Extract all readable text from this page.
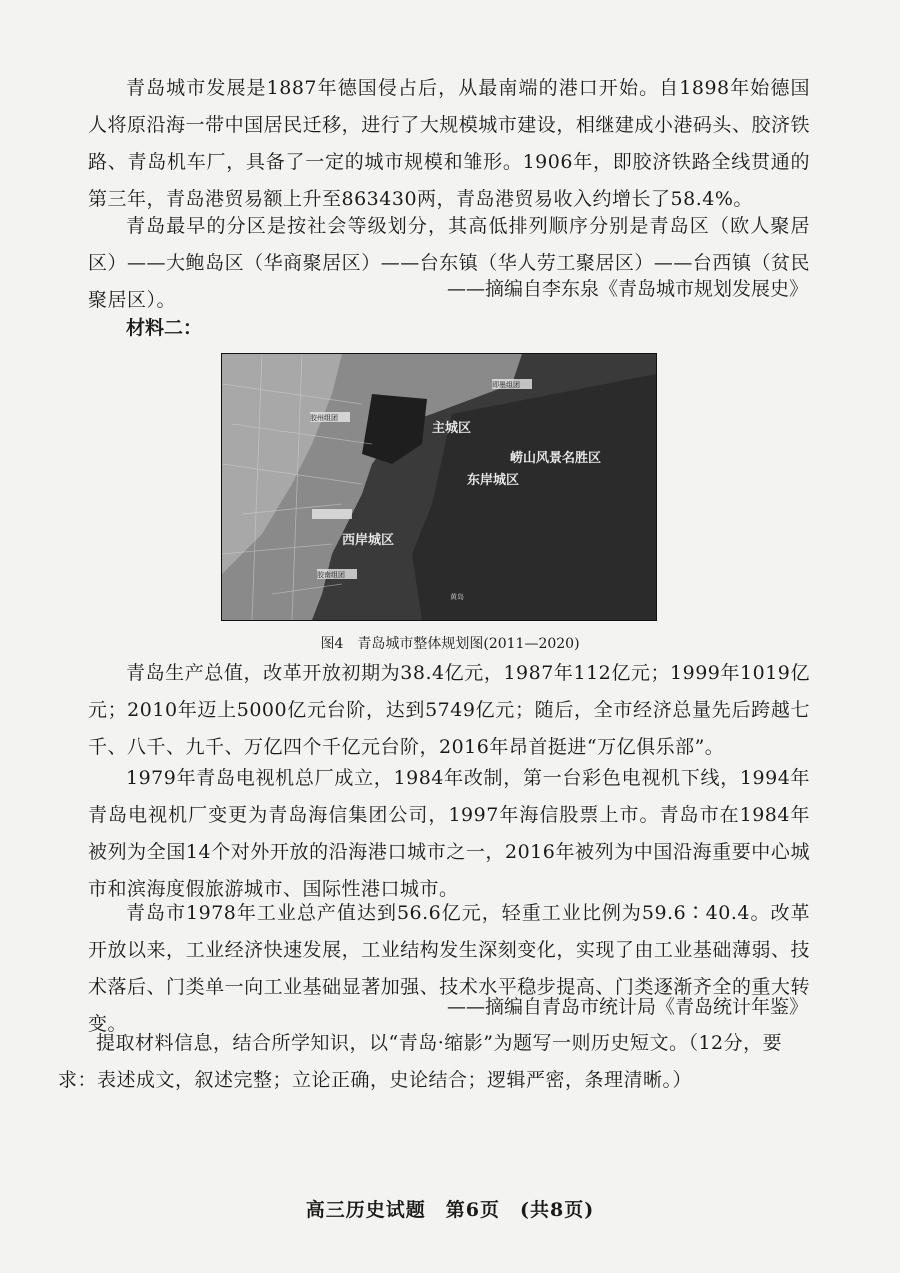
青岛城市发展是1887年德国侵占后，从最南端的港口开始。自1898年始德国人将原沿海一带中国居民迁移，进行了大规模城市建设，相继建成小港码头、胶济铁路、青岛机车厂，具备了一定的城市规模和雏形。1906年，即胶济铁路全线贯通的第三年，青岛港贸易额上升至863430两，青岛港贸易收入约增长了58.4%。

青岛最早的分区是按社会等级划分，其高低排列顺序分别是青岛区（欧人聚居区）——大鲍岛区（华商聚居区）——台东镇（华人劳工聚居区）——台西镇（贫民聚居区）。	——摘编自李东泉《青岛城市规划发展史》

材料二：

即墨组团
胶州组团
胶南组团
主城区
崂山风景名胜区
东岸城区
西岸城区
黄岛

图4　青岛城市整体规划图(2011—2020)

青岛生产总值，改革开放初期为38.4亿元，1987年112亿元；1999年1019亿元；2010年迈上5000亿元台阶，达到5749亿元；随后，全市经济总量先后跨越七千、八千、九千、万亿四个千亿元台阶，2016年昂首挺进“万亿俱乐部”。

1979年青岛电视机总厂成立，1984年改制，第一台彩色电视机下线，1994年青岛电视机厂变更为青岛海信集团公司，1997年海信股票上市。青岛市在1984年被列为全国14个对外开放的沿海港口城市之一，2016年被列为中国沿海重要中心城市和滨海度假旅游城市、国际性港口城市。

青岛市1978年工业总产值达到56.6亿元，轻重工业比例为59.6∶40.4。改革开放以来，工业经济快速发展，工业结构发生深刻变化，实现了由工业基础薄弱、技术落后、门类单一向工业基础显著加强、技术水平稳步提高、门类逐渐齐全的重大转变。

——摘编自青岛市统计局《青岛统计年鉴》

提取材料信息，结合所学知识，以“青岛·缩影”为题写一则历史短文。（12分，要求：表述成文，叙述完整；立论正确，史论结合；逻辑严密，条理清晰。）

高三历史试题　第6页　(共8页)
